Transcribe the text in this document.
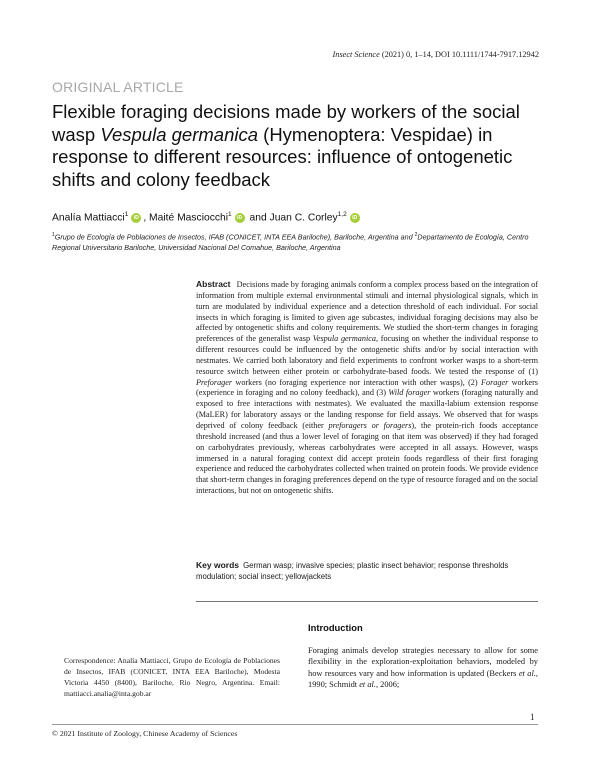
Insect Science (2021) 0, 1–14, DOI 10.1111/1744-7917.12942
ORIGINAL ARTICLE
Flexible foraging decisions made by workers of the social wasp Vespula germanica (Hymenoptera: Vespidae) in response to different resources: influence of ontogenetic shifts and colony feedback
Analía Mattiacci$^1$iD , Maité Masciocchi$^1$iD and Juan C. Corley$^{1,2}$iD
$^1$Grupo de Ecología de Poblaciones de Insectos, IFAB (CONICET, INTA EEA Bariloche), Bariloche, Argentina and $^2$Departamento de Ecología, Centro Regional Universitario Bariloche, Universidad Nacional Del Comahue, Bariloche, Argentina

Abstract Decisions made by foraging animals conform a complex process based on the integration of information from multiple external environmental stimuli and internal physiological signals, which in turn are modulated by individual experience and a detection threshold of each individual. For social insects in which foraging is limited to given age subcastes, individual foraging decisions may also be affected by ontogenetic shifts and colony requirements. We studied the short-term changes in foraging preferences of the generalist wasp Vespula germanica, focusing on whether the individual response to different resources could be influenced by the ontogenetic shifts and/or by social interaction with nestmates. We carried both laboratory and field experiments to confront worker wasps to a short-term resource switch between either protein or carbohydrate-based foods. We tested the response of (1) Preforager workers (no foraging experience nor interaction with other wasps), (2) Forager workers (experience in foraging and no colony feedback), and (3) Wild forager workers (foraging naturally and exposed to free interactions with nestmates). We evaluated the maxilla-labium extension response (MaLER) for laboratory assays or the landing response for field assays. We observed that for wasps deprived of colony feedback (either preforagers or foragers), the protein-rich foods acceptance threshold increased (and thus a lower level of foraging on that item was observed) if they had foraged on carbohydrates previously, whereas carbohydrates were accepted in all assays. However, wasps immersed in a natural foraging context did accept protein foods regardless of their first foraging experience and reduced the carbohydrates collected when trained on protein foods. We provide evidence that short-term changes in foraging preferences depend on the type of resource foraged and on the social interactions, but not on ontogenetic shifts.

Key words German wasp; invasive species; plastic insect behavior; response thresholds modulation; social insect; yellowjackets
Introduction

Foraging animals develop strategies necessary to allow for some flexibility in the exploration-exploitation behaviors, modeled by how resources vary and how information is updated (Beckers et al., 1990; Schmidt et al., 2006;

Correspondence: Analía Mattiacci, Grupo de Ecología de Poblaciones de Insectos, IFAB (CONICET, INTA EEA Bariloche), Modesta Victoria 4450 (8400), Bariloche, Rio Negro, Argentina. Email: mattiacci.analia@inta.gob.ar
1
© 2021 Institute of Zoology, Chinese Academy of Sciences
